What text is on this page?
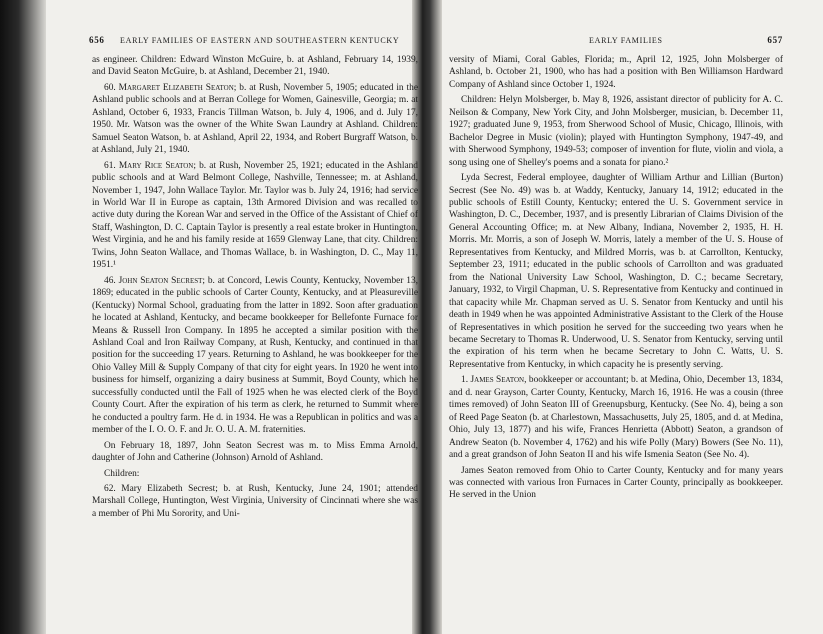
656 EARLY FAMILIES OF EASTERN AND SOUTHEASTERN KENTUCKY

as engineer. Children: Edward Winston McGuire, b. at Ashland, February 14, 1939, and David Seaton McGuire, b. at Ashland, December 21, 1940.

60. Margaret Elizabeth Seaton; b. at Rush, November 5, 1905; educated in the Ashland public schools and at Berran College for Women, Gainesville, Georgia; m. at Ashland, October 6, 1933, Francis Tillman Watson, b. July 4, 1906, and d. July 17, 1950. Mr. Watson was the owner of the White Swan Laundry at Ashland. Children: Samuel Seaton Watson, b. at Ashland, April 22, 1934, and Robert Burgraff Watson, b. at Ashland, July 21, 1940.

61. Mary Rice Seaton; b. at Rush, November 25, 1921; educated in the Ashland public schools and at Ward Belmont College, Nashville, Tennessee; m. at Ashland, November 1, 1947, John Wallace Taylor. Mr. Taylor was b. July 24, 1916; had service in World War II in Europe as captain, 13th Armored Division and was recalled to active duty during the Korean War and served in the Office of the Assistant of Chief of Staff, Washington, D. C. Captain Taylor is presently a real estate broker in Huntington, West Virginia, and he and his family reside at 1659 Glenway Lane, that city. Children: Twins, John Seaton Wallace, and Thomas Wallace, b. in Washington, D. C., May 11, 1951.¹

46. John Seaton Secrest; b. at Concord, Lewis County, Kentucky, November 13, 1869; educated in the public schools of Carter County, Kentucky, and at Pleasureville (Kentucky) Normal School, graduating from the latter in 1892. Soon after graduation he located at Ashland, Kentucky, and became bookkeeper for Bellefonte Furnace for Means & Russell Iron Company. In 1895 he accepted a similar position with the Ashland Coal and Iron Railway Company, at Rush, Kentucky, and continued in that position for the succeeding 17 years. Returning to Ashland, he was bookkeeper for the Ohio Valley Mill & Supply Company of that city for eight years. In 1920 he went into business for himself, organizing a dairy business at Summit, Boyd County, which he successfully conducted until the Fall of 1925 when he was elected clerk of the Boyd County Court. After the expiration of his term as clerk, he returned to Summit where he conducted a poultry farm. He d. in 1934. He was a Republican in politics and was a member of the I. O. O. F. and Jr. O. U. A. M. fraternities.

On February 18, 1897, John Seaton Secrest was m. to Miss Emma Arnold, daughter of John and Catherine (Johnson) Arnold of Ashland.

Children:

62. Mary Elizabeth Secrest; b. at Rush, Kentucky, June 24, 1901; attended Marshall College, Huntington, West Virginia, University of Cincinnati where she was a member of Phi Mu Sorority, and Uni-

EARLY FAMILIES	657

versity of Miami, Coral Gables, Florida; m., April 12, 1925, John Molsberger of Ashland, b. October 21, 1900, who has had a position with Ben Williamson Hardward Company of Ashland since October 1, 1924.

Children: Helyn Molsberger, b. May 8, 1926, assistant director of publicity for A. C. Neilson & Company, New York City, and John Molsberger, musician, b. December 11, 1927; graduated June 9, 1953, from Sherwood School of Music, Chicago, Illinois, with Bachelor Degree in Music (violin); played with Huntington Symphony, 1947-49, and with Sherwood Symphony, 1949-53; composer of invention for flute, violin and viola, a song using one of Shelley's poems and a sonata for piano.²

Lyda Secrest, Federal employee, daughter of William Arthur and Lillian (Burton) Secrest (See No. 49) was b. at Waddy, Kentucky, January 14, 1912; educated in the public schools of Estill County, Kentucky; entered the U. S. Government service in Washington, D. C., December, 1937, and is presently Librarian of Claims Division of the General Accounting Office; m. at New Albany, Indiana, November 2, 1935, H. H. Morris. Mr. Morris, a son of Joseph W. Morris, lately a member of the U. S. House of Representatives from Kentucky, and Mildred Morris, was b. at Carrollton, Kentucky, September 23, 1911; educated in the public schools of Carrollton and was graduated from the National University Law School, Washington, D. C.; became Secretary, January, 1932, to Virgil Chapman, U. S. Representative from Kentucky and continued in that capacity while Mr. Chapman served as U. S. Senator from Kentucky and until his death in 1949 when he was appointed Administrative Assistant to the Clerk of the House of Representatives in which position he served for the succeeding two years when he became Secretary to Thomas R. Underwood, U. S. Senator from Kentucky, serving until the expiration of his term when he became Secretary to John C. Watts, U. S. Representative from Kentucky, in which capacity he is presently serving.

1. James Seaton, bookkeeper or accountant; b. at Medina, Ohio, December 13, 1834, and d. near Grayson, Carter County, Kentucky, March 16, 1916. He was a cousin (three times removed) of John Seaton III of Greenupsburg, Kentucky. (See No. 4), being a son of Reed Page Seaton (b. at Charlestown, Massachusetts, July 25, 1805, and d. at Medina, Ohio, July 13, 1877) and his wife, Frances Henrietta (Abbott) Seaton, a grandson of Andrew Seaton (b. November 4, 1762) and his wife Polly (Mary) Bowers (See No. 11), and a great grandson of John Seaton II and his wife Ismenia Seaton (See No. 4).

James Seaton removed from Ohio to Carter County, Kentucky and for many years was connected with various Iron Furnaces in Carter County, principally as bookkeeper. He served in the Union
